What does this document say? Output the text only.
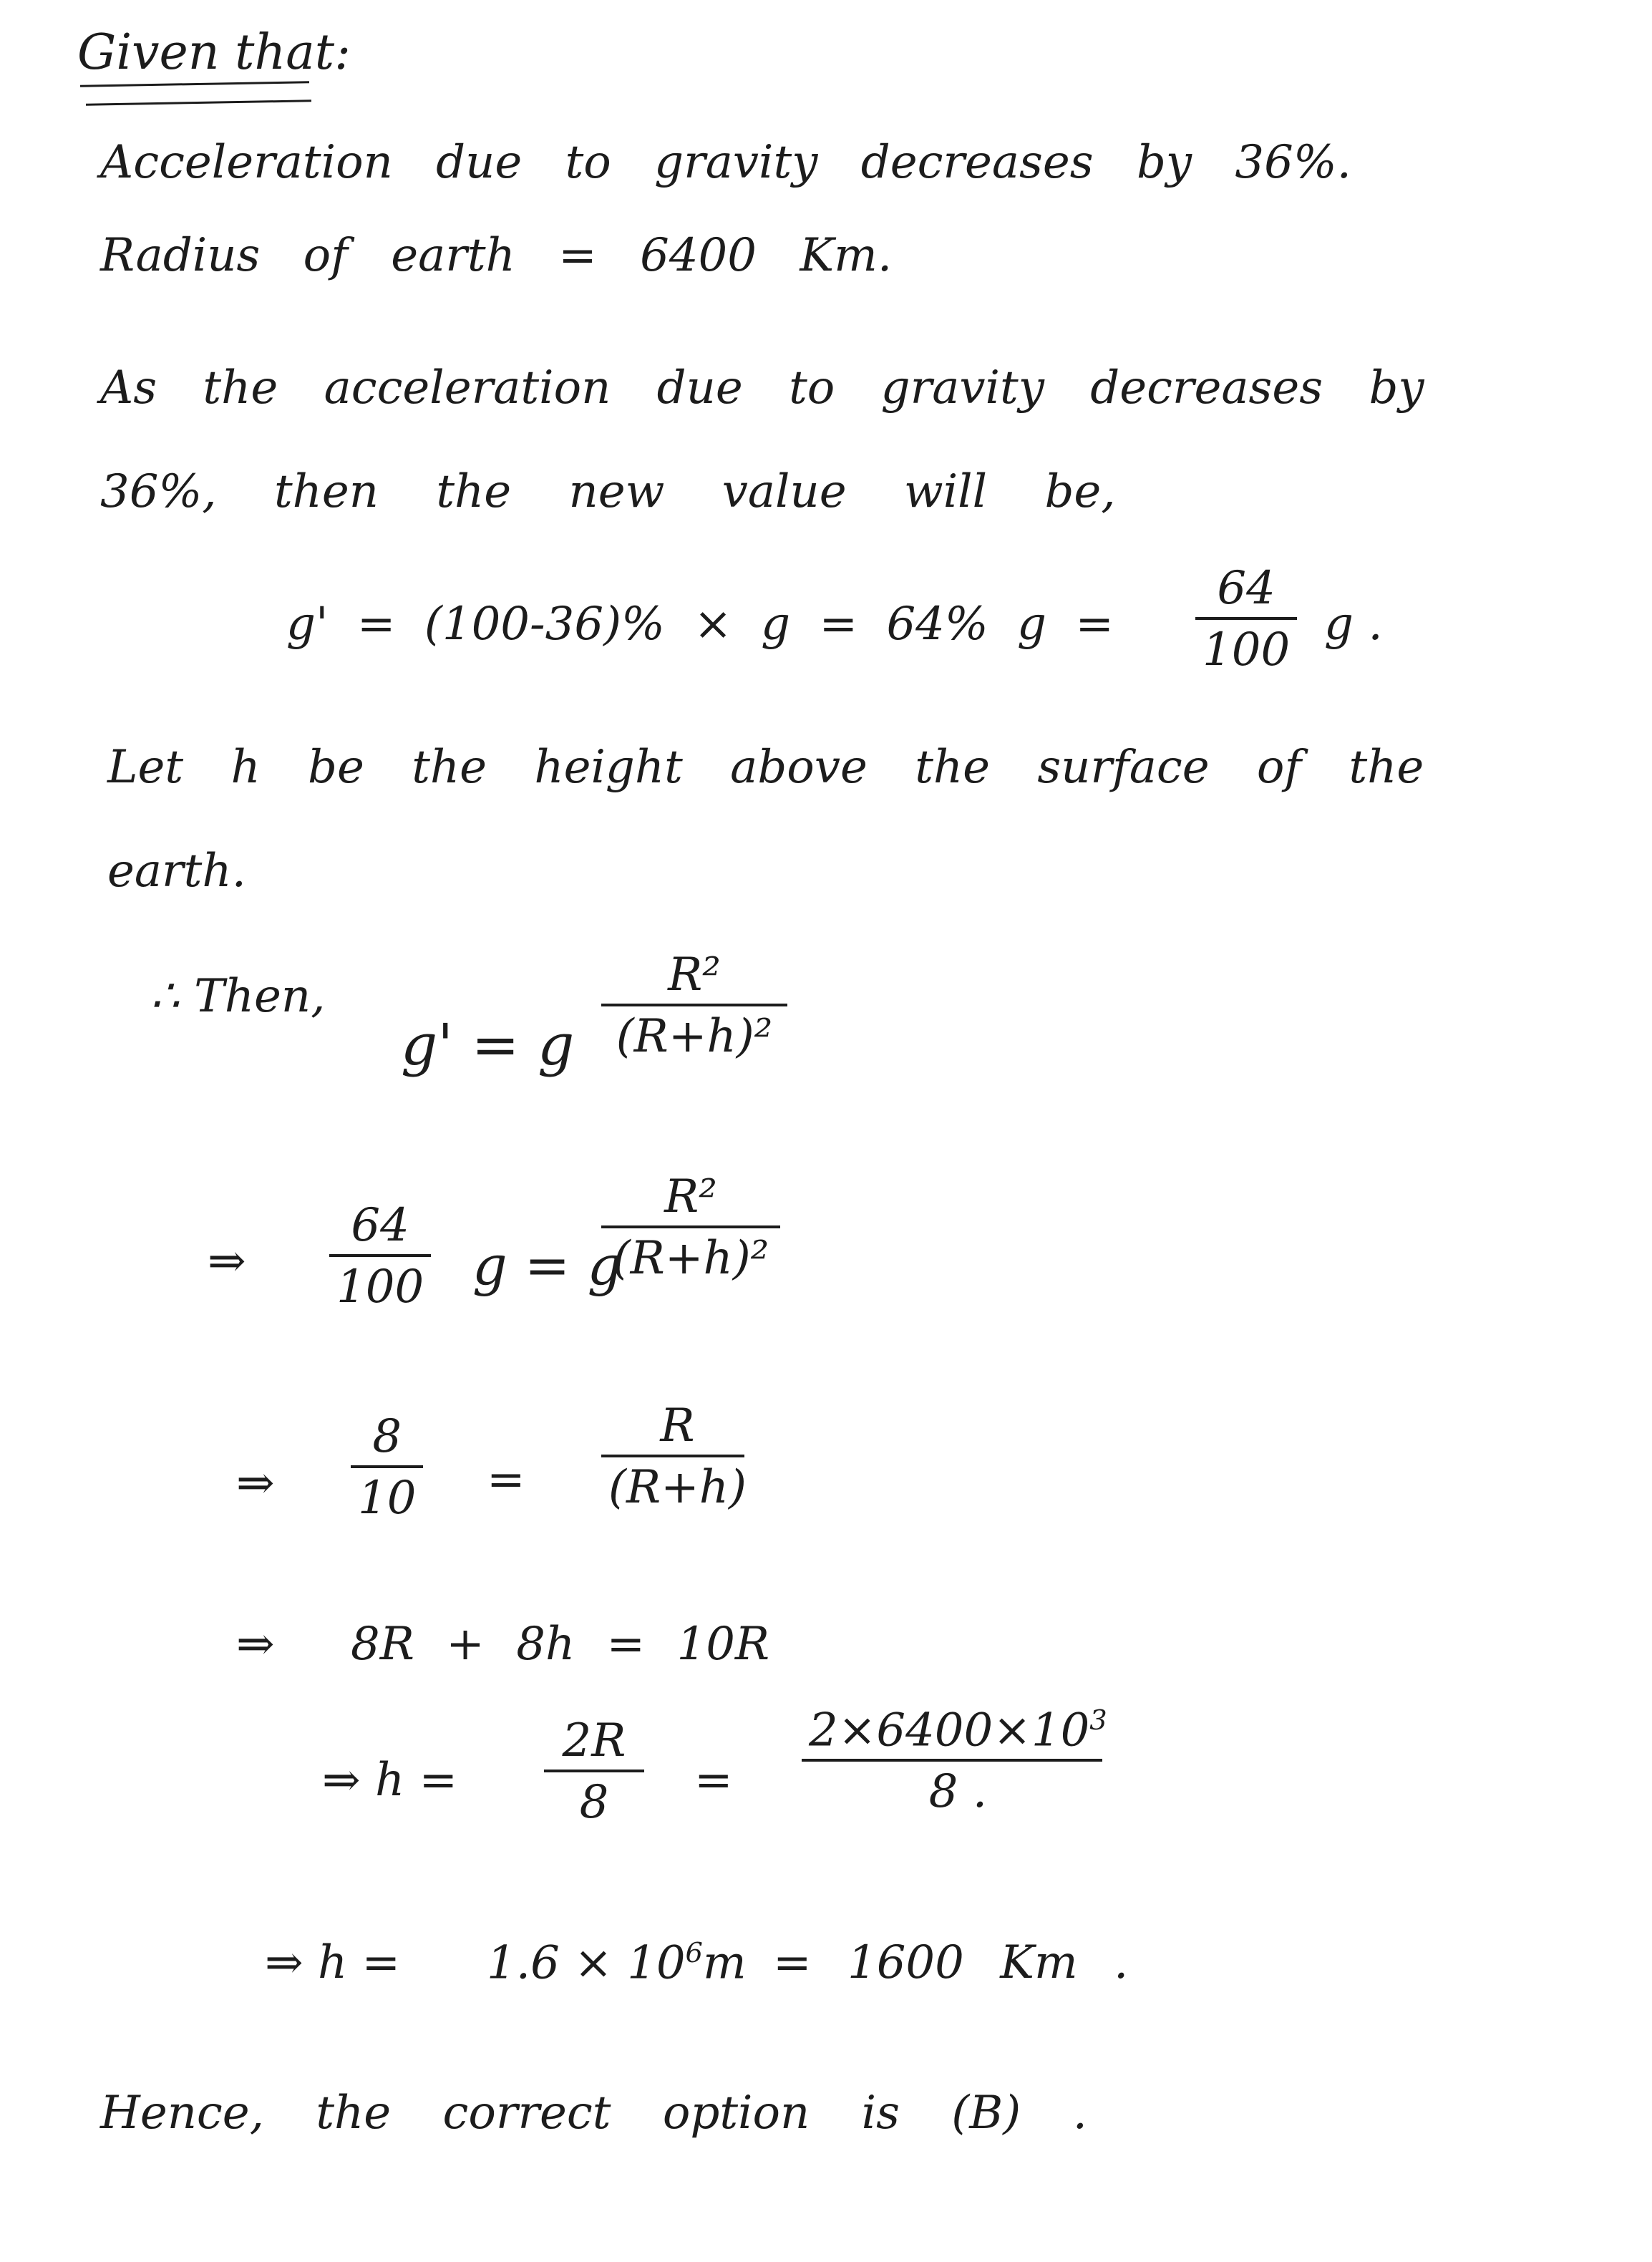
Given that:
Acceleration due to gravity decreases by 36%.
Radius of earth = 6400 Km.
As the acceleration due to gravity decreases by
36%, then the new value will be,
g' = (100-36)% × g = 64% g =
64
100 g .
Let h be the height above the surface of the
earth.
∴ Then,
g' = g
R²
(R+h)²
⇒
64
100 g = g
R²
(R+h)²
⇒
8
10 =
R
(R+h)
⇒ 8R + 8h = 10R
⇒ h =
2R
8 =
$2\times 6400\times 10^3$
8 .
⇒ $h = 1.6 \times 10^6m = 1600$ Km .
Hence, the correct option is (B) .
